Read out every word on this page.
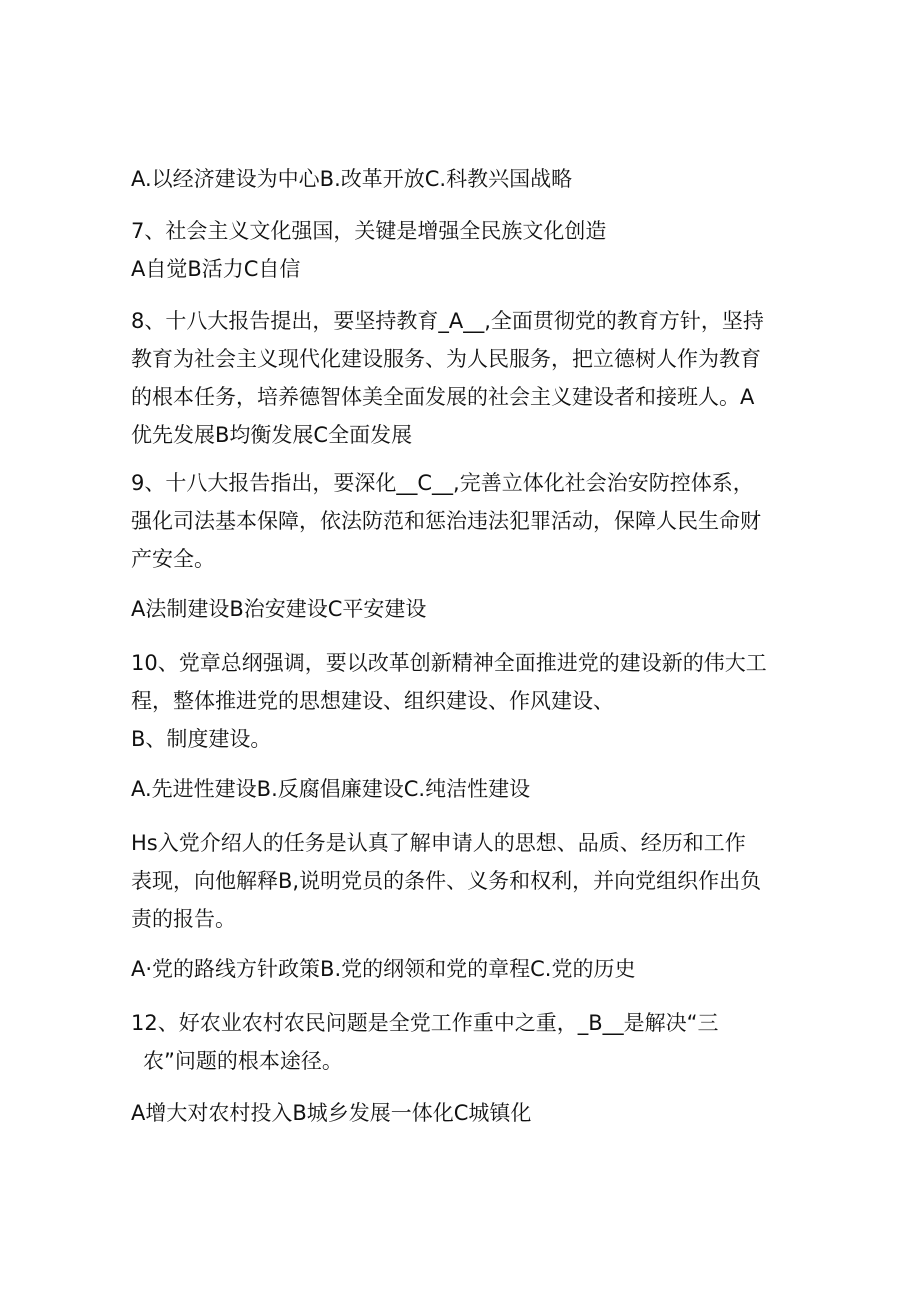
A.以经济建设为中心B.改革开放C.科教兴国战略

7、社会主义文化强国，关键是增强全民族文化创造
A自觉B活力C自信

8、十八大报告提出，要坚持教育_A__,全面贯彻党的教育方针，坚持
教育为社会主义现代化建设服务、为人民服务，把立德树人作为教育
的根本任务，培养德智体美全面发展的社会主义建设者和接班人。A
优先发展B均衡发展C全面发展

9、十八大报告指出，要深化__C__,完善立体化社会治安防控体系，
强化司法基本保障，依法防范和惩治违法犯罪活动，保障人民生命财
产安全。

A法制建设B治安建设C平安建设

10、党章总纲强调，要以改革创新精神全面推进党的建设新的伟大工
程，整体推进党的思想建设、组织建设、作风建设、
B、制度建设。

A.先进性建设B.反腐倡廉建设C.纯洁性建设

Hs入党介绍人的任务是认真了解申请人的思想、品质、经历和工作
表现，向他解释B,说明党员的条件、义务和权利，并向党组织作出负
责的报告。

A·党的路线方针政策B.党的纲领和党的章程C.党的历史

12、好农业农村农民问题是全党工作重中之重，_B__是解决“三
农”问题的根本途径。

A增大对农村投入B城乡发展一体化C城镇化
